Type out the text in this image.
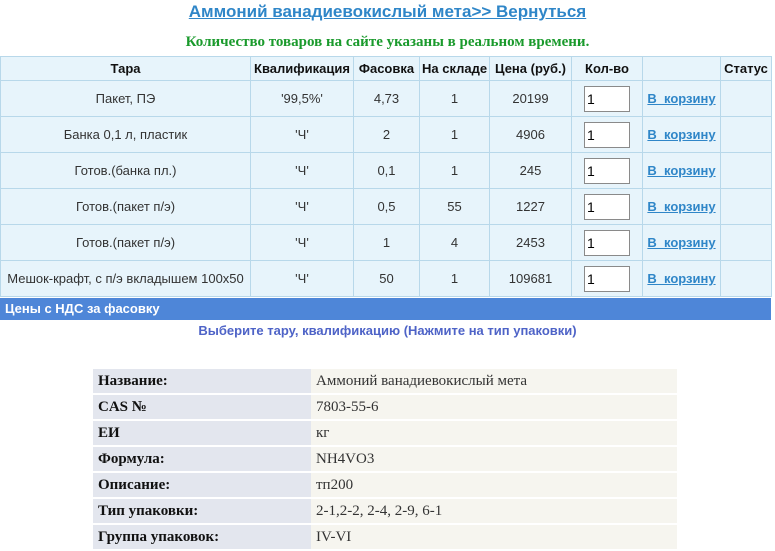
Аммоний ванадиевокислый мета>> Вернуться
Количество товаров на сайте указаны в реальном времени.
Тара	Квалификация	Фасовка	На складе	Цена (руб.)	Кол-во		Статус
Пакет, ПЭ	'99,5%'	4,73	1	20199	1	В_корзину	
Банка 0,1 л, пластик	'Ч'	2	1	4906	1	В_корзину	
Готов.(банка пл.)	'Ч'	0,1	1	245	1	В_корзину	
Готов.(пакет п/э)	'Ч'	0,5	55	1227	1	В_корзину	
Готов.(пакет п/э)	'Ч'	1	4	2453	1	В_корзину	
Мешок-крафт, с п/э вкладышем 100x50	'Ч'	50	1	109681	1	В_корзину	
Цены с НДС за фасовку
Выберите тару, квалификацию (Нажмите на тип упаковки)
Название:	Аммоний ванадиевокислый мета
CAS №	7803-55-6
ЕИ	кг
Формула:	NH4VO3
Описание:	тп200
Тип упаковки:	2-1,2-2, 2-4, 2-9, 6-1
Группа упаковок:	IV-VI
